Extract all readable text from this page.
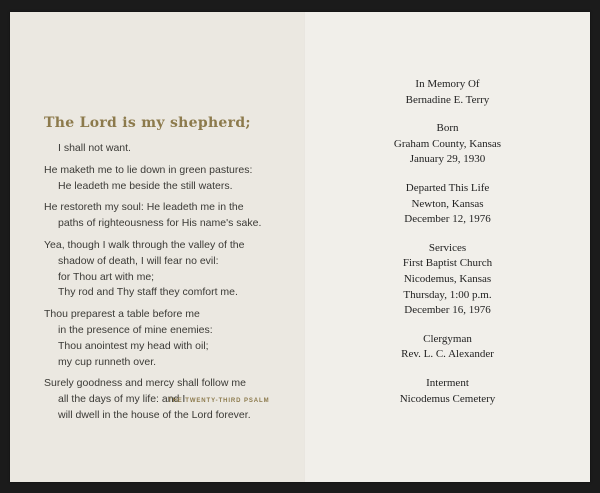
The Lord is my shepherd;
I shall not want.
He maketh me to lie down in green pastures:
He leadeth me beside the still waters.
He restoreth my soul: He leadeth me in the
paths of righteousness for His name's sake.
Yea, though I walk through the valley of the
shadow of death, I will fear no evil:
for Thou art with me;
Thy rod and Thy staff they comfort me.
Thou preparest a table before me
in the presence of mine enemies:
Thou anointest my head with oil;
my cup runneth over.
Surely goodness and mercy shall follow me
all the days of my life: and I
will dwell in the house of the Lord forever.
THE TWENTY-THIRD PSALM
In Memory Of
Bernadine E. Terry
Born
Graham County, Kansas
January 29, 1930
Departed This Life
Newton, Kansas
December 12, 1976
Services
First Baptist Church
Nicodemus, Kansas
Thursday, 1:00 p.m.
December 16, 1976
Clergyman
Rev. L. C. Alexander
Interment
Nicodemus Cemetery
